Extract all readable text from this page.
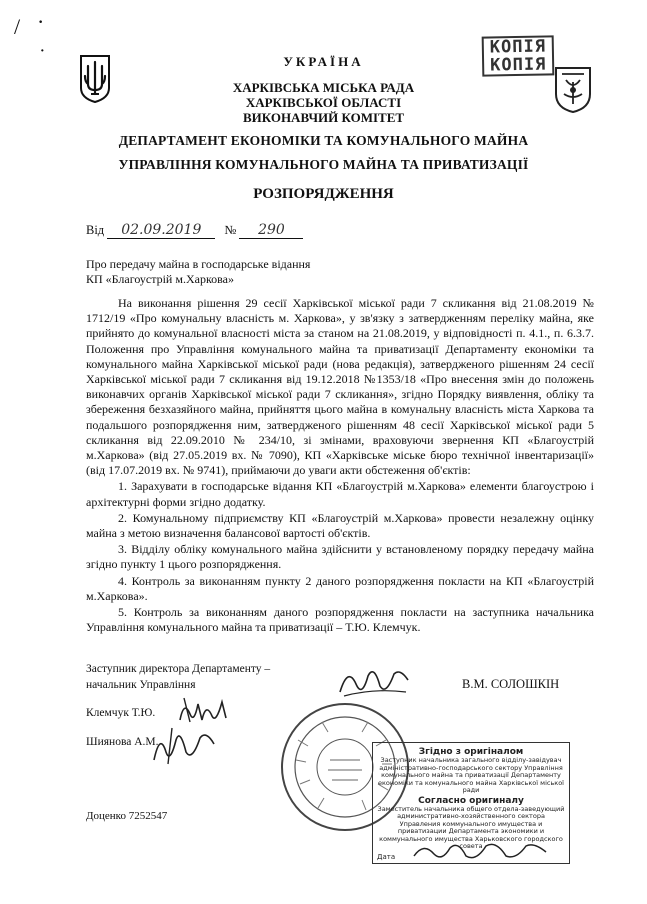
/ ·
·
УКРАЇНА
ХАРКІВСЬКА МІСЬКА РАДА
ХАРКІВСЬКОЇ ОБЛАСТІ
ВИКОНАВЧИЙ КОМІТЕТ
ДЕПАРТАМЕНТ ЕКОНОМІКИ ТА КОМУНАЛЬНОГО МАЙНА
УПРАВЛІННЯ КОМУНАЛЬНОГО МАЙНА ТА ПРИВАТИЗАЦІЇ
РОЗПОРЯДЖЕННЯ
КОПІЯ
КОПІЯ
Від 02.09.2019 № 290
Про передачу майна в господарське відання
КП «Благоустрій м.Харкова»

На виконання рішення 29 сесії Харківської міської ради 7 скликання від 21.08.2019 № 1712/19 «Про комунальну власність м. Харкова», у зв'язку з затвердженням переліку майна, яке прийнято до комунальної власності міста за станом на 21.08.2019, у відповідності п. 4.1., п. 6.3.7. Положення про Управління комунального майна та приватизації Департаменту економіки та комунального майна Харківської міської ради (нова редакція), затвердженого рішенням 24 сесії Харківської міської ради 7 скликання від 19.12.2018 №1353/18 «Про внесення змін до положень виконавчих органів Харківської міської ради 7 скликання», згідно Порядку виявлення, обліку та збереження безхазяйного майна, прийняття цього майна в комунальну власність міста Харкова та подальшого розпорядження ним, затвердженого рішенням 48 сесії Харківської міської ради 5 скликання від 22.09.2010 № 234/10, зі змінами, враховуючи звернення КП «Благоустрій м.Харкова» (від 27.05.2019 вх. № 7090), КП «Харківське міське бюро технічної інвентаризації» (від 17.07.2019 вх. № 9741), приймаючи до уваги акти обстеження об'єктів:

1. Зарахувати в господарське відання КП «Благоустрій м.Харкова» елементи благоустрою і архітектурні форми згідно додатку.

2. Комунальному підприємству КП «Благоустрій м.Харкова» провести незалежну оцінку майна з метою визначення балансової вартості об'єктів.

3. Відділу обліку комунального майна здійснити у встановленому порядку передачу майна згідно пункту 1 цього розпорядження.

4. Контроль за виконанням пункту 2 даного розпорядження покласти на КП «Благоустрій м.Харкова».

5. Контроль за виконанням даного розпорядження покласти на заступника начальника Управління комунального майна та приватизації – Т.Ю. Клемчук.

Заступник директора Департаменту –
начальник Управління	В.М. СОЛОШКІН
Клемчук Т.Ю.
Шиянова А.М.
Доценко 7252547
Згідно з оригіналом
Заступник начальника загального відділу-завідувач адміністративно-господарського сектору Управління комунального майна та приватизації Департаменту економіки та комунального майна Харківської міської ради
Согласно оригиналу
Заместитель начальника общего отдела-заведующий административно-хозяйственного сектора Управления коммунального имущества и приватизации Департамента экономики и коммунального имущества Харьковского городского совета
Дата
